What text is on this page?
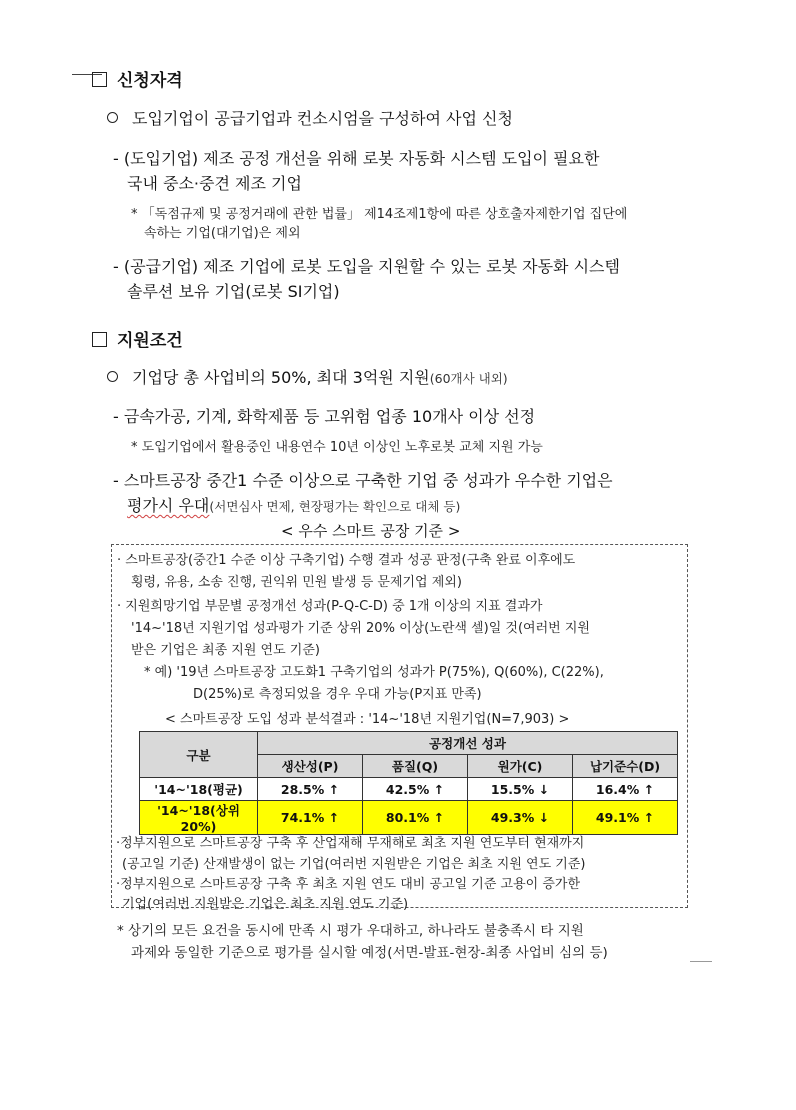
신청자격
도입기업이 공급기업과 컨소시엄을 구성하여 사업 신청
- (도입기업) 제조 공정 개선을 위해 로봇 자동화 시스템 도입이 필요한
국내 중소·중견 제조 기업
* 「독점규제 및 공정거래에 관한 법률」 제14조제1항에 따른 상호출자제한기업 집단에
속하는 기업(대기업)은 제외
- (공급기업) 제조 기업에 로봇 도입을 지원할 수 있는 로봇 자동화 시스템
솔루션 보유 기업(로봇 SI기업)
지원조건
기업당 총 사업비의 50%, 최대 3억원 지원(60개사 내외)
- 금속가공, 기계, 화학제품 등 고위험 업종 10개사 이상 선정
* 도입기업에서 활용중인 내용연수 10년 이상인 노후로봇 교체 지원 가능
- 스마트공장 중간1 수준 이상으로 구축한 기업 중 성과가 우수한 기업은
평가시 우대(서면심사 면제, 현장평가는 확인으로 대체 등)
< 우수 스마트 공장 기준 >
· 스마트공장(중간1 수준 이상 구축기업) 수행 결과 성공 판정(구축 완료 이후에도
횡령, 유용, 소송 진행, 권익위 민원 발생 등 문제기업 제외)
· 지원희망기업 부문별 공정개선 성과(P-Q-C-D) 중 1개 이상의 지표 결과가
'14~'18년 지원기업 성과평가 기준 상위 20% 이상(노란색 셀)일 것(여러번 지원
받은 기업은 최종 지원 연도 기준)
* 예) '19년 스마트공장 고도화1 구축기업의 성과가 P(75%), Q(60%), C(22%),
D(25%)로 측정되었을 경우 우대 가능(P지표 만족)
< 스마트공장 도입 성과 분석결과 : '14~'18년 지원기업(N=7,903) >
구분	공정개선 성과			
	생산성(P)	품질(Q)	원가(C)	납기준수(D)
'14~'18(평균)	28.5% ↑	42.5% ↑	15.5% ↓	16.4% ↑
'14~'18(상위 20%)	74.1% ↑	80.1% ↑	49.3% ↓	49.1% ↑
·정부지원으로 스마트공장 구축 후 산업재해 무재해로 최초 지원 연도부터 현재까지
(공고일 기준) 산재발생이 없는 기업(여러번 지원받은 기업은 최초 지원 연도 기준)
·정부지원으로 스마트공장 구축 후 최초 지원 연도 대비 공고일 기준 고용이 증가한
기업(여러번 지원받은 기업은 최초 지원 연도 기준)
* 상기의 모든 요건을 동시에 만족 시 평가 우대하고, 하나라도 불충족시 타 지원
과제와 동일한 기준으로 평가를 실시할 예정(서면-발표-현장-최종 사업비 심의 등)
